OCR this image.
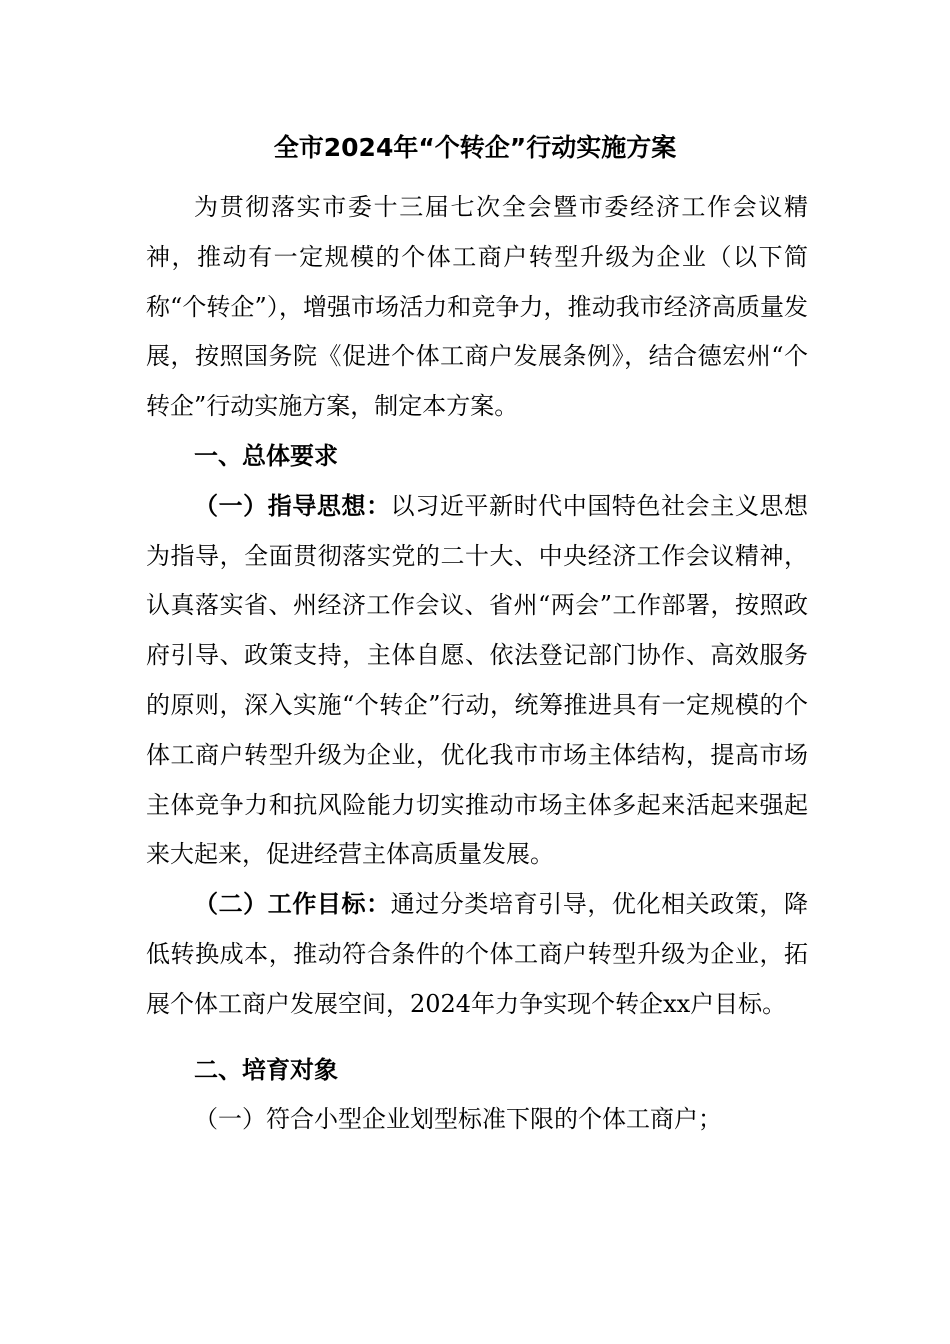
全市2024年“个转企”行动实施方案

为贯彻落实市委十三届七次全会暨市委经济工作会议精神，推动有一定规模的个体工商户转型升级为企业（以下简称“个转企”），增强市场活力和竞争力，推动我市经济高质量发展，按照国务院《促进个体工商户发展条例》，结合德宏州“个转企”行动实施方案，制定本方案。

一、总体要求

（一）指导思想：以习近平新时代中国特色社会主义思想为指导，全面贯彻落实党的二十大、中央经济工作会议精神，认真落实省、州经济工作会议、省州“两会”工作部署，按照政府引导、政策支持，主体自愿、依法登记部门协作、高效服务的原则，深入实施“个转企”行动，统筹推进具有一定规模的个体工商户转型升级为企业，优化我市市场主体结构，提高市场主体竞争力和抗风险能力切实推动市场主体多起来活起来强起来大起来，促进经营主体高质量发展。

（二）工作目标：通过分类培育引导，优化相关政策，降低转换成本，推动符合条件的个体工商户转型升级为企业，拓展个体工商户发展空间，2024年力争实现个转企xx户目标。

二、培育对象

（一）符合小型企业划型标准下限的个体工商户；
